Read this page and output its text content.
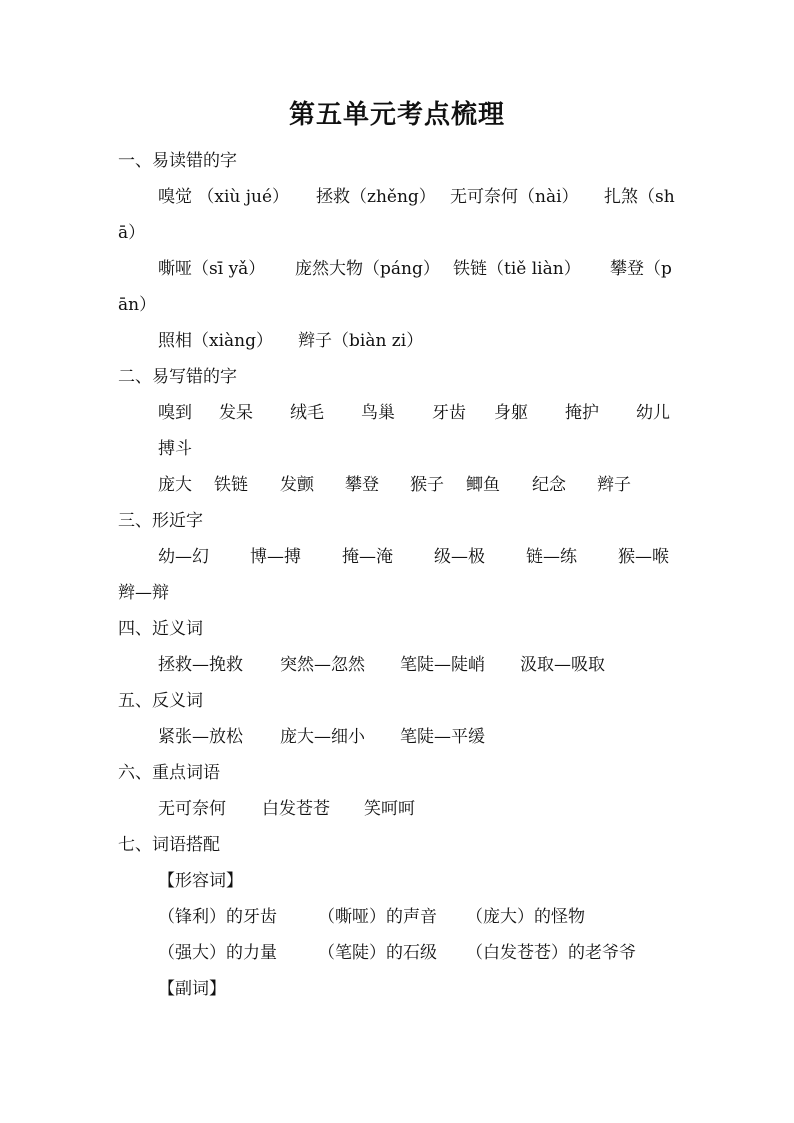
第五单元考点梳理
一、易读错的字
嗅觉 （xiù jué） 拯救（zhěng） 无可奈何（nài） 扎煞（sh
ā）
嘶哑（sī yǎ） 庞然大物（páng） 铁链（tiě liàn） 攀登（p
ān）
照相（xiàng） 辫子（biàn zi）
二、易写错的字
嗅到 发呆 绒毛 鸟巢 牙齿 身躯 掩护 幼儿
搏斗
庞大 铁链 发颤 攀登 猴子 鲫鱼 纪念 辫子
三、形近字
幼—幻 博—搏 掩—淹 级—极 链—练 猴—喉
辫—辩
四、近义词
拯救—挽救 突然—忽然 笔陡—陡峭 汲取—吸取
五、反义词
紧张—放松 庞大—细小 笔陡—平缓
六、重点词语
无可奈何 白发苍苍 笑呵呵
七、词语搭配
【形容词】
（锋利）的牙齿 （嘶哑）的声音 （庞大）的怪物
（强大）的力量 （笔陡）的石级 （白发苍苍）的老爷爷
【副词】
